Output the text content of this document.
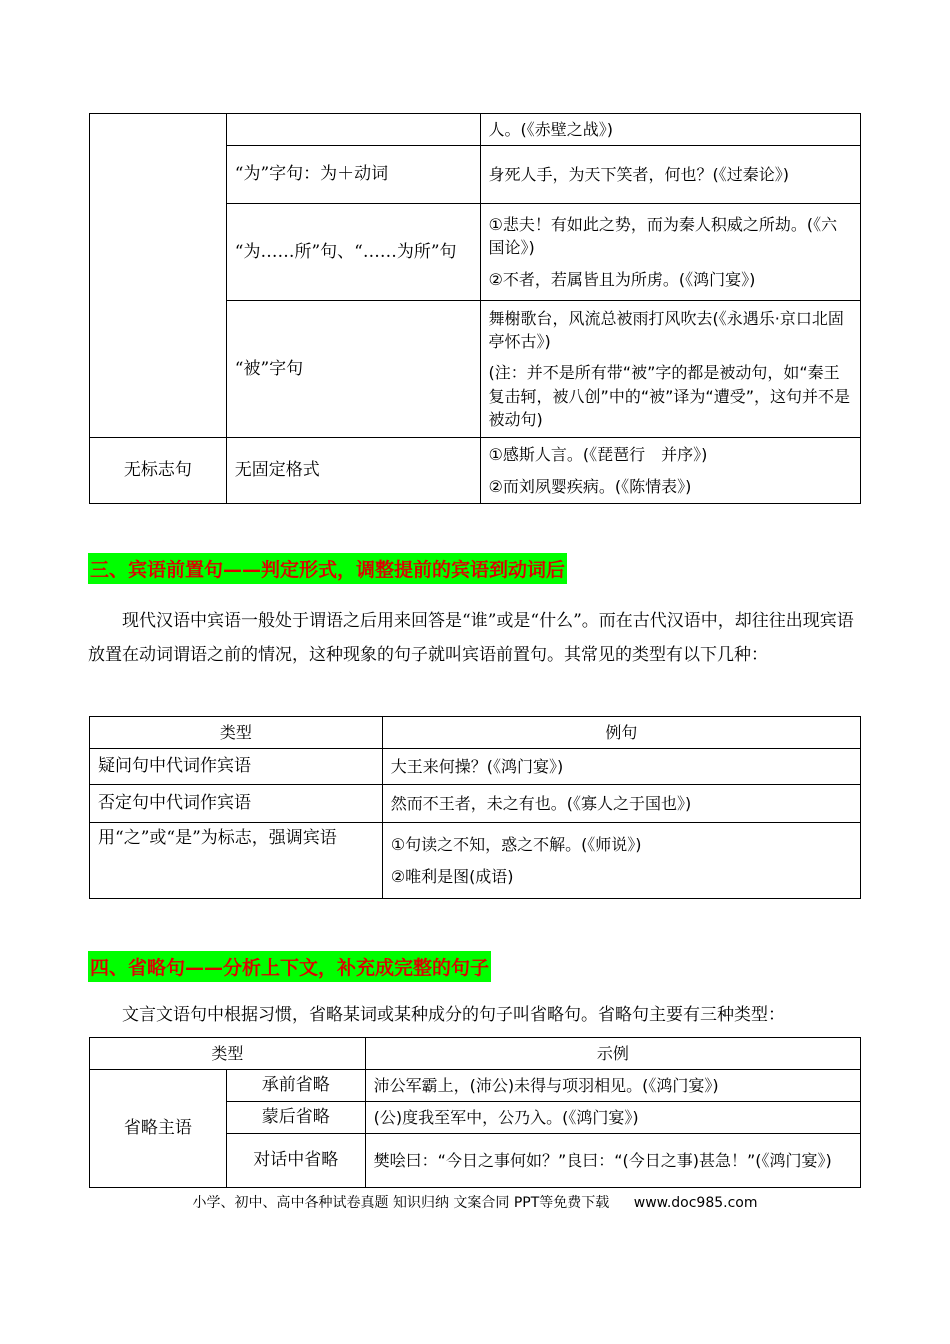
		人。(《赤壁之战》)

	“为”字句：为＋动词	身死人手，为天下笑者，何也？(《过秦论》)

	“为……所”句、“……为所”句	①悲夫！有如此之势，而为秦人积威之所劫。(《六国论》)
②不者，若属皆且为所虏。(《鸿门宴》)

	“被”字句	舞榭歌台，风流总被雨打风吹去(《永遇乐·京口北固亭怀古》)
(注：并不是所有带“被”字的都是被动句，如“秦王复击轲，被八创”中的“被”译为“遭受”，这句并不是被动句)

无标志句	无固定格式	①感斯人言。(《琵琶行　并序》)
②而刘夙婴疾病。(《陈情表》)
三、宾语前置句——判定形式，调整提前的宾语到动词后
现代汉语中宾语一般处于谓语之后用来回答是“谁”或是“什么”。而在古代汉语中，却往往出现宾语放置在动词谓语之前的情况，这种现象的句子就叫宾语前置句。其常见的类型有以下几种：
类型	例句
疑问句中代词作宾语	大王来何操？(《鸿门宴》)

否定句中代词作宾语	然而不王者，未之有也。(《寡人之于国也》)

用“之”或“是”为标志，强调宾语	①句读之不知，惑之不解。(《师说》)
②唯利是图(成语)
四、省略句——分析上下文，补充成完整的句子
文言文语句中根据习惯，省略某词或某种成分的句子叫省略句。省略句主要有三种类型：
类型		示例
省略主语	承前省略	沛公军霸上，(沛公)未得与项羽相见。(《鸿门宴》)
	蒙后省略	(公)度我至军中，公乃入。(《鸿门宴》)
	对话中省略	樊哙曰：“今日之事何如？”良曰：“(今日之事)甚急！”(《鸿门宴》)
小学、初中、高中各种试卷真题 知识归纳 文案合同 PPT等免费下载 www.doc985.com
